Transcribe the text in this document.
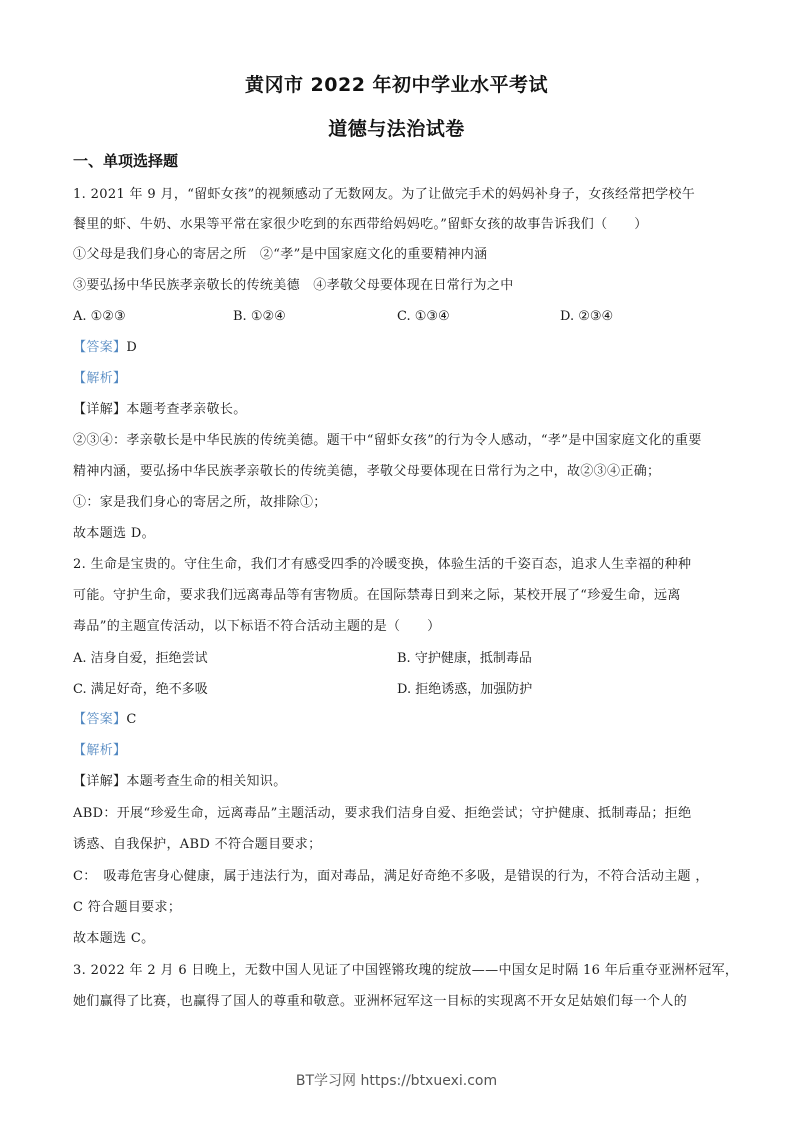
黄冈市 2022 年初中学业水平考试
道德与法治试卷
一、单项选择题
1. 2021 年 9 月，“留虾女孩”的视频感动了无数网友。为了让做完手术的妈妈补身子，女孩经常把学校午
餐里的虾、牛奶、水果等平常在家很少吃到的东西带给妈妈吃。”留虾女孩的故事告诉我们（　　）
①父母是我们身心的寄居之所　②“孝”是中国家庭文化的重要精神内涵
③要弘扬中华民族孝亲敬长的传统美德　④孝敬父母要体现在日常行为之中
A. ①②③	B. ①②④	C. ①③④	D. ②③④
【答案】D
【解析】
【详解】本题考查孝亲敬长。
②③④：孝亲敬长是中华民族的传统美德。题干中“留虾女孩”的行为令人感动，“孝”是中国家庭文化的重要
精神内涵，要弘扬中华民族孝亲敬长的传统美德，孝敬父母要体现在日常行为之中，故②③④正确；
①：家是我们身心的寄居之所，故排除①；
故本题选 D。
2. 生命是宝贵的。守住生命，我们才有感受四季的冷暖变换，体验生活的千姿百态，追求人生幸福的种种
可能。守护生命，要求我们远离毒品等有害物质。在国际禁毒日到来之际，某校开展了“珍爱生命，远离
毒品”的主题宣传活动，以下标语不符合活动主题的是（　　）
A. 洁身自爱，拒绝尝试	B. 守护健康，抵制毒品
C. 满足好奇，绝不多吸	D. 拒绝诱惑，加强防护
【答案】C
【解析】
【详解】本题考查生命的相关知识。
ABD：开展“珍爱生命，远离毒品”主题活动，要求我们洁身自爱、拒绝尝试；守护健康、抵制毒品；拒绝
诱惑、自我保护，ABD 不符合题目要求；
C：　吸毒危害身心健康，属于违法行为，面对毒品，满足好奇绝不多吸，是错误的行为，不符合活动主题 ，
C 符合题目要求；
故本题选 C。
3. 2022 年 2 月 6 日晚上，无数中国人见证了中国铿锵玫瑰的绽放——中国女足时隔 16 年后重夺亚洲杯冠军，
她们赢得了比赛，也赢得了国人的尊重和敬意。亚洲杯冠军这一目标的实现离不开女足姑娘们每一个人的
BT学习网 https://btxuexi.com
